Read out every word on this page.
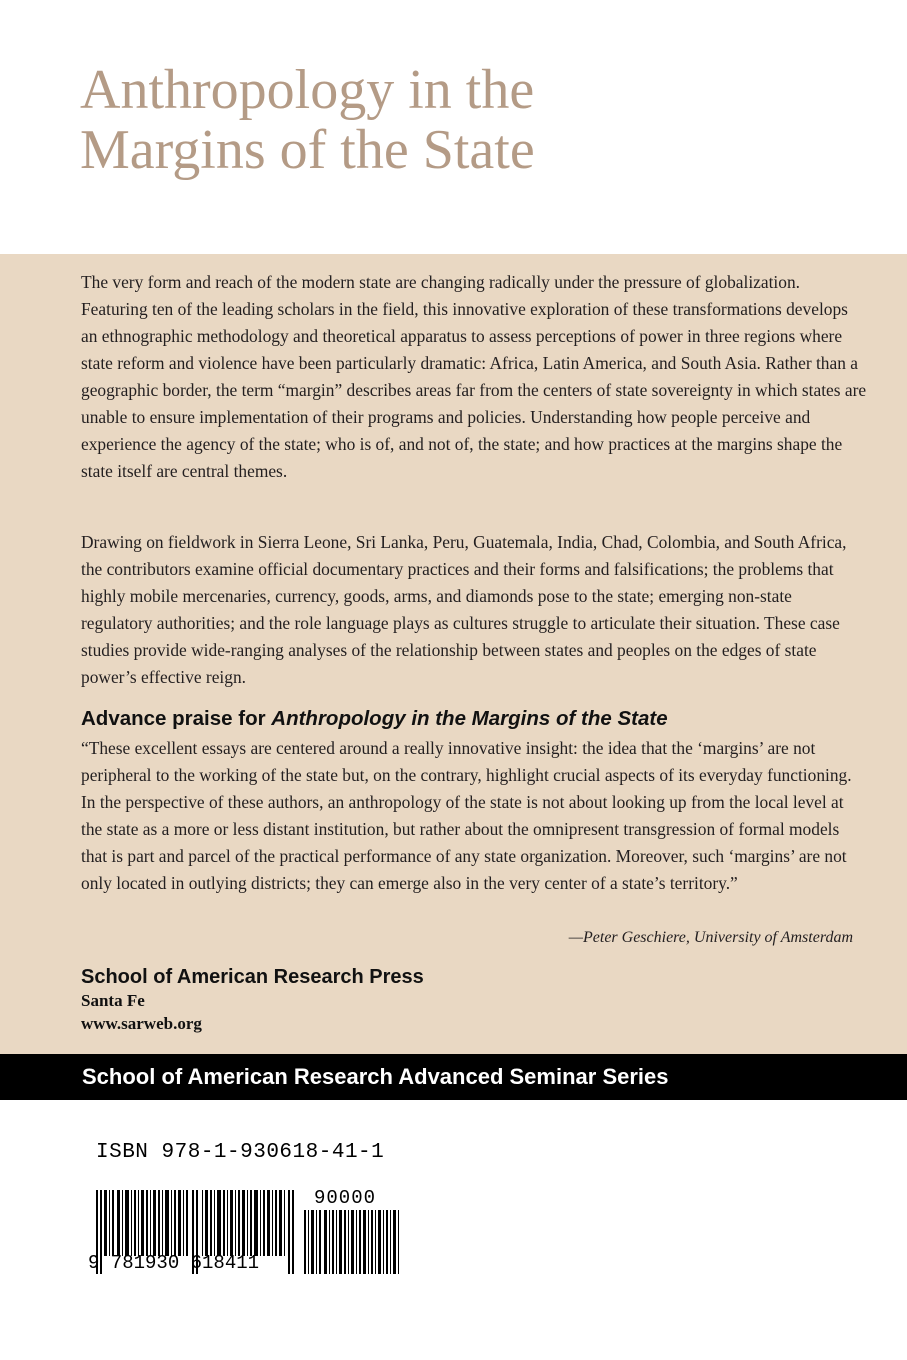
Anthropology in the
Margins of the State

The very form and reach of the modern state are changing radically under the pressure of globalization. Featuring ten of the leading scholars in the field, this innovative exploration of these transformations develops an ethnographic methodology and theoretical apparatus to assess perceptions of power in three regions where state reform and violence have been particularly dramatic: Africa, Latin America, and South Asia. Rather than a geographic border, the term “margin” describes areas far from the centers of state sovereignty in which states are unable to ensure implementation of their programs and policies. Understanding how people perceive and experience the agency of the state; who is of, and not of, the state; and how practices at the margins shape the state itself are central themes.

Drawing on fieldwork in Sierra Leone, Sri Lanka, Peru, Guatemala, India, Chad, Colombia, and South Africa, the contributors examine official documentary practices and their forms and falsifications; the problems that highly mobile mercenaries, currency, goods, arms, and diamonds pose to the state; emerging non-state regulatory authorities; and the role language plays as cultures struggle to articulate their situation. These case studies provide wide-ranging analyses of the relationship between states and peoples on the edges of state power’s effective reign.

Advance praise for Anthropology in the Margins of the State

“These excellent essays are centered around a really innovative insight: the idea that the ‘margins’ are not peripheral to the working of the state but, on the contrary, highlight crucial aspects of its everyday functioning. In the perspective of these authors, an anthropology of the state is not about looking up from the local level at the state as a more or less distant institution, but rather about the omnipresent transgression of formal models that is part and parcel of the practical performance of any state organization. Moreover, such ‘margins’ are not only located in outlying districts; they can emerge also in the very center of a state’s territory.”

—Peter Geschiere, University of Amsterdam
School of American Research Press
Santa Fe
www.sarweb.org
School of American Research Advanced Seminar Series
ISBN 978-1-930618-41-1
9 781930 618411
90000
